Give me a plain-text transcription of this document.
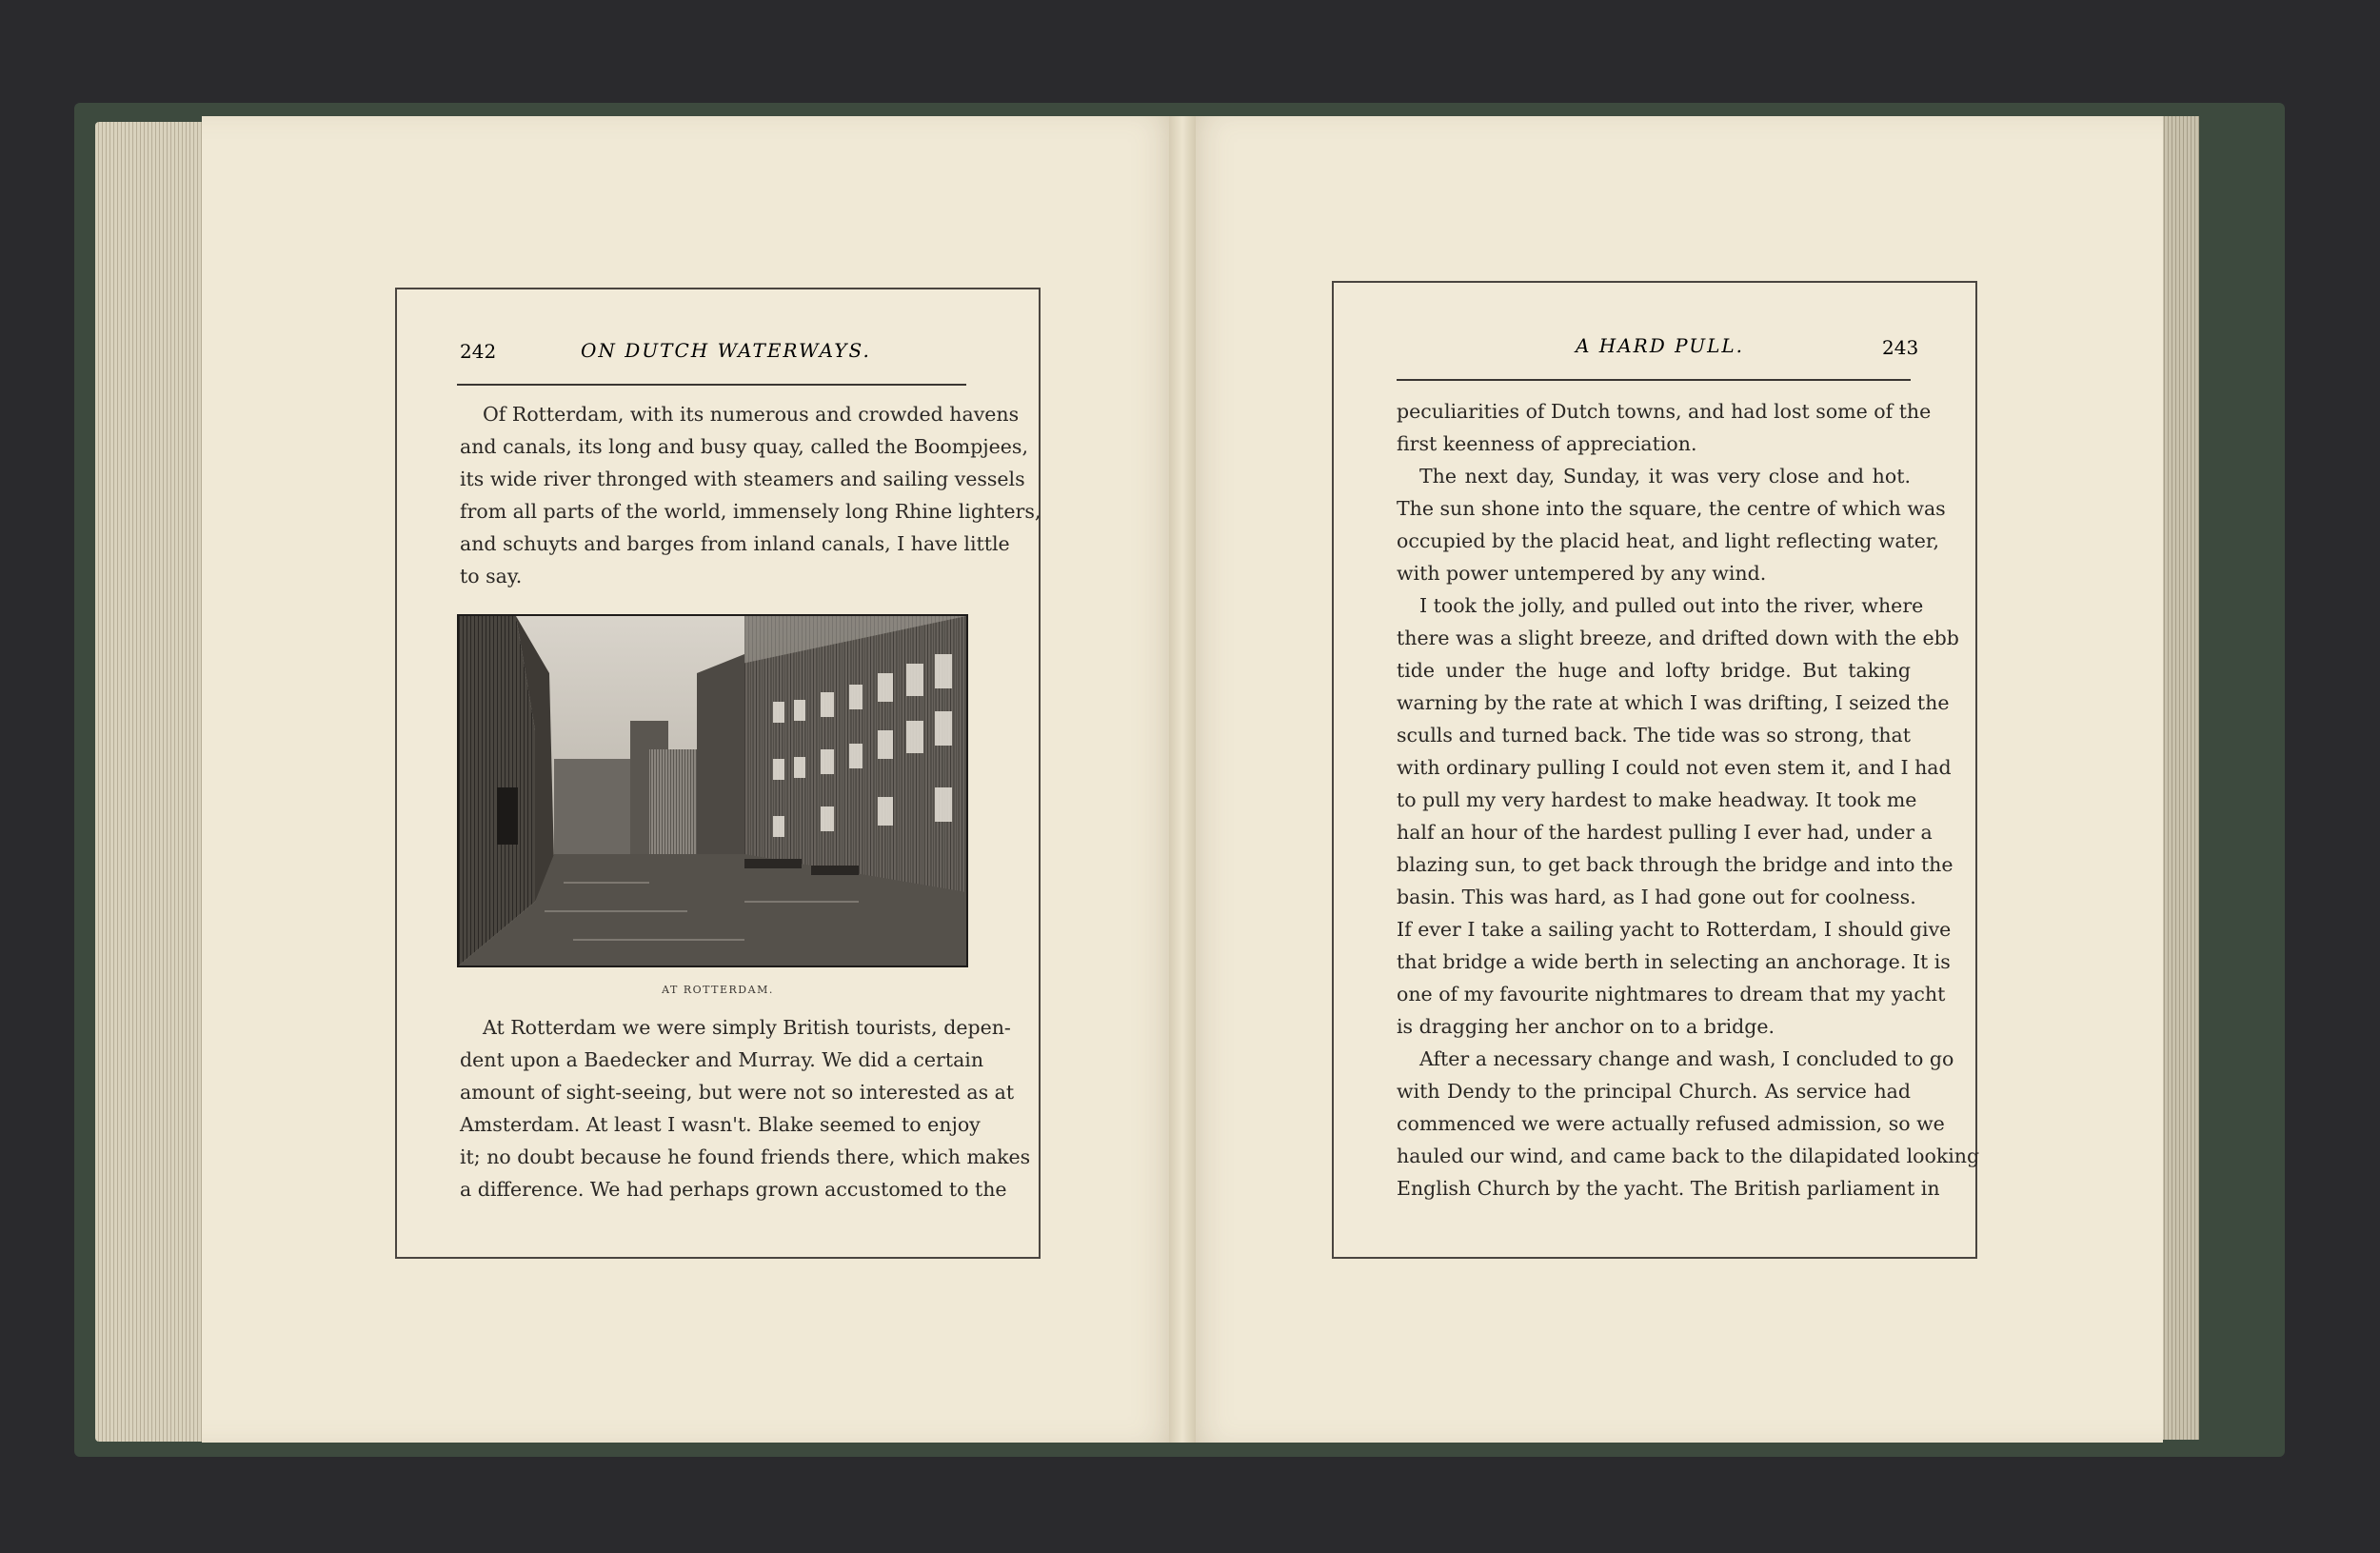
242	ON DUTCH WATERWAYS.
Of Rotterdam, with its numerous and crowded havens
and canals, its long and busy quay, called the Boompjees,
its wide river thronged with steamers and sailing vessels
from all parts of the world, immensely long Rhine lighters,
and schuyts and barges from inland canals, I have little
to say.
AT ROTTERDAM.
At Rotterdam we were simply British tourists, depen-
dent upon a Baedecker and Murray. We did a certain
amount of sight-seeing, but were not so interested as at
Amsterdam. At least I wasn't. Blake seemed to enjoy
it; no doubt because he found friends there, which makes
a difference. We had perhaps grown accustomed to the
A HARD PULL.	243
peculiarities of Dutch towns, and had lost some of the
first keenness of appreciation.
The next day, Sunday, it was very close and hot.
The sun shone into the square, the centre of which was
occupied by the placid heat, and light reflecting water,
with power untempered by any wind.
I took the jolly, and pulled out into the river, where
there was a slight breeze, and drifted down with the ebb
tide under the huge and lofty bridge. But taking
warning by the rate at which I was drifting, I seized the
sculls and turned back. The tide was so strong, that
with ordinary pulling I could not even stem it, and I had
to pull my very hardest to make headway. It took me
half an hour of the hardest pulling I ever had, under a
blazing sun, to get back through the bridge and into the
basin. This was hard, as I had gone out for coolness.
If ever I take a sailing yacht to Rotterdam, I should give
that bridge a wide berth in selecting an anchorage. It is
one of my favourite nightmares to dream that my yacht
is dragging her anchor on to a bridge.
After a necessary change and wash, I concluded to go
with Dendy to the principal Church. As service had
commenced we were actually refused admission, so we
hauled our wind, and came back to the dilapidated looking
English Church by the yacht. The British parliament in
